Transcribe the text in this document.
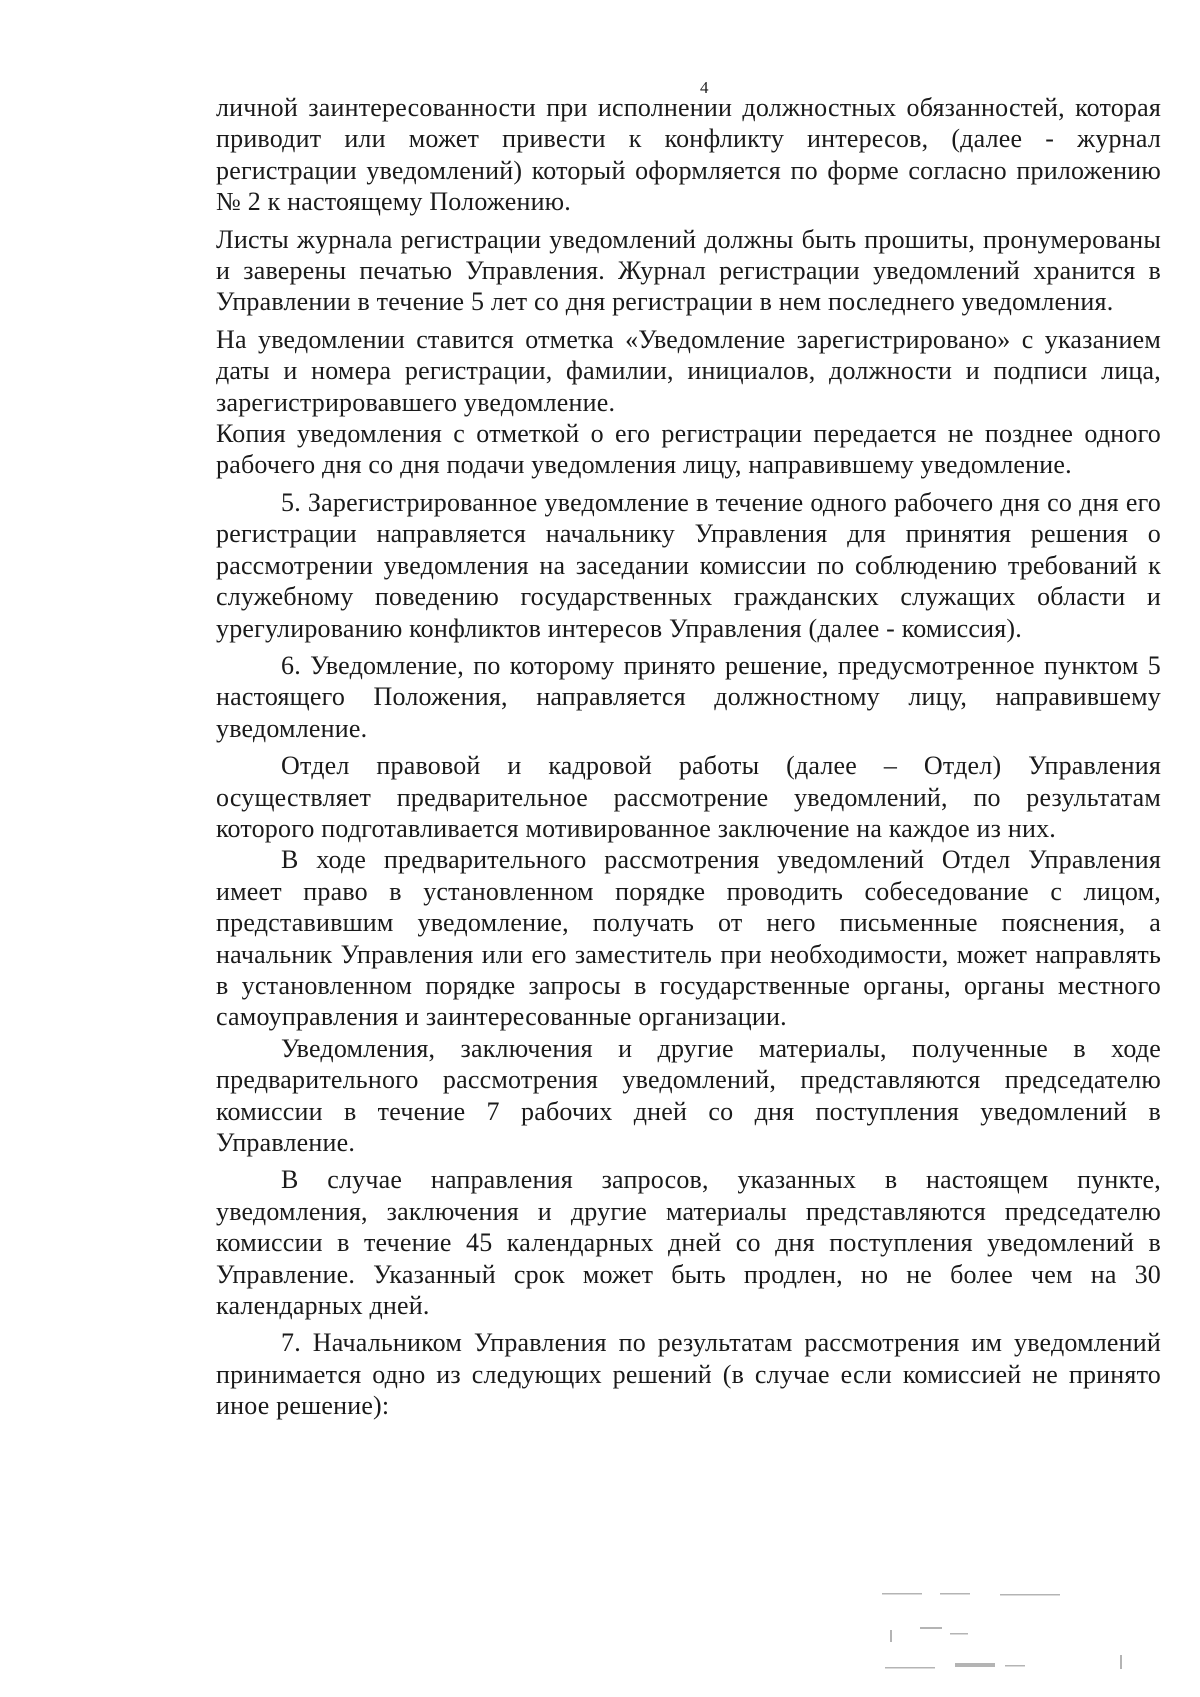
4

личной заинтересованности при исполнении должностных обязанностей, которая приводит или может привести к конфликту интересов, (далее - журнал регистрации уведомлений) который оформляется по форме согласно приложению № 2 к настоящему Положению.

Листы журнала регистрации уведомлений должны быть прошиты, пронумерованы и заверены печатью Управления. Журнал регистрации уведомлений хранится в Управлении в течение 5 лет со дня регистрации в нем последнего уведомления.

На уведомлении ставится отметка «Уведомление зарегистрировано» с указанием даты и номера регистрации, фамилии, инициалов, должности и подписи лица, зарегистрировавшего уведомление.

Копия уведомления с отметкой о его регистрации передается не позднее одного рабочего дня со дня подачи уведомления лицу, направившему уведомление.

5. Зарегистрированное уведомление в течение одного рабочего дня со дня его регистрации направляется начальнику Управления для принятия решения о рассмотрении уведомления на заседании комиссии по соблюдению требований к служебному поведению государственных гражданских служащих области и урегулированию конфликтов интересов Управления (далее - комиссия).

6. Уведомление, по которому принято решение, предусмотренное пунктом 5 настоящего Положения, направляется должностному лицу, направившему уведомление.

Отдел правовой и кадровой работы (далее – Отдел) Управления осуществляет предварительное рассмотрение уведомлений, по результатам которого подготавливается мотивированное заключение на каждое из них.

В ходе предварительного рассмотрения уведомлений Отдел Управления имеет право в установленном порядке проводить собеседование с лицом, представившим уведомление, получать от него письменные пояснения, а начальник Управления или его заместитель при необходимости, может направлять в установленном порядке запросы в государственные органы, органы местного самоуправления и заинтересованные организации.

Уведомления, заключения и другие материалы, полученные в ходе предварительного рассмотрения уведомлений, представляются председателю комиссии в течение 7 рабочих дней со дня поступления уведомлений в Управление.

В случае направления запросов, указанных в настоящем пункте, уведомления, заключения и другие материалы представляются председателю комиссии в течение 45 календарных дней со дня поступления уведомлений в Управление. Указанный срок может быть продлен, но не более чем на 30 календарных дней.

7. Начальником Управления по результатам рассмотрения им уведомлений принимается одно из следующих решений (в случае если комиссией не принято иное решение):
